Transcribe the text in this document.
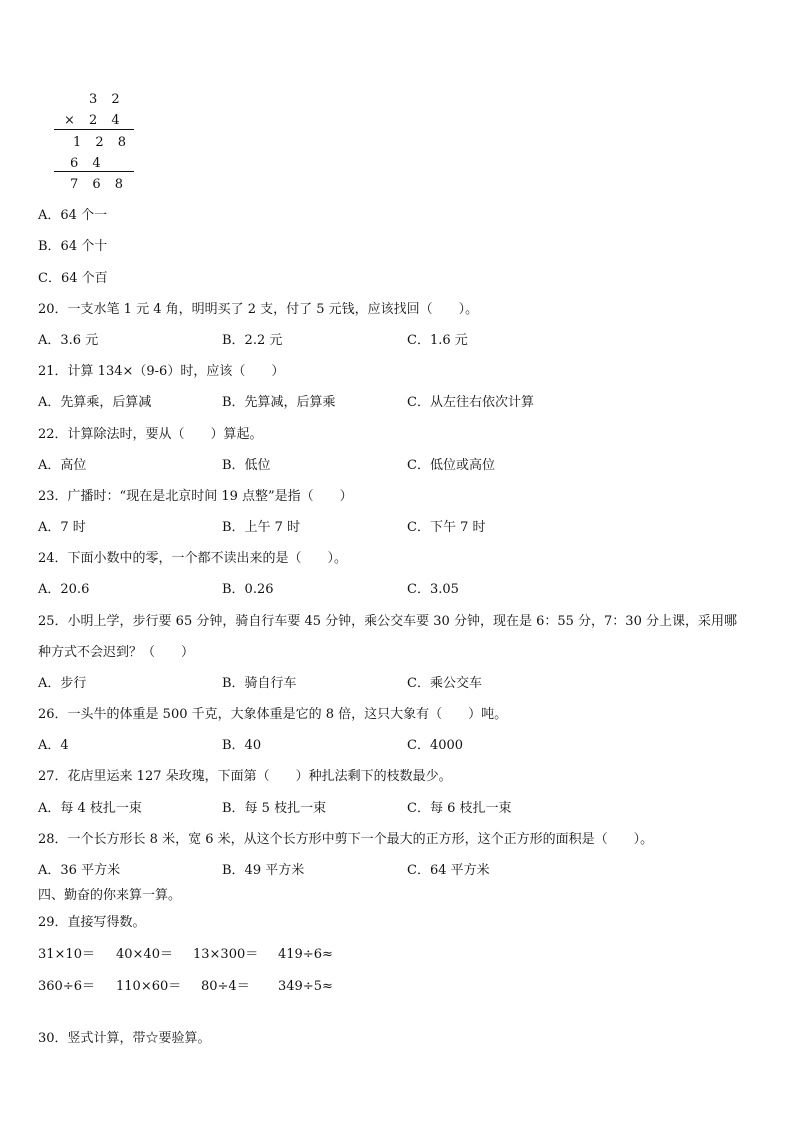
3 2
× 2 4
1 2 8
6 4
7 6 8
A．64 个一
B．64 个十
C．64 个百
20．一支水笔 1 元 4 角，明明买了 2 支，付了 5 元钱，应该找回（　　）。
A．3.6 元	B．2.2 元	C．1.6 元
21．计算 134×（9-6）时，应该（　　）
A．先算乘，后算减	B．先算减，后算乘	C．从左往右依次计算
22．计算除法时，要从（　　）算起。
A．高位	B．低位	C．低位或高位
23．广播时：“现在是北京时间 19 点整”是指（　　）
A．7 时	B．上午 7 时	C．下午 7 时
24．下面小数中的零，一个都不读出来的是（　　）。
A．20.6	B．0.26	C．3.05
25．小明上学，步行要 65 分钟，骑自行车要 45 分钟，乘公交车要 30 分钟，现在是 6：55 分，7：30 分上课，采用哪
种方式不会迟到？（　　）
A．步行	B．骑自行车	C．乘公交车
26．一头牛的体重是 500 千克，大象体重是它的 8 倍，这只大象有（　　）吨。
A．4	B．40	C．4000
27．花店里运来 127 朵玫瑰，下面第（　　）种扎法剩下的枝数最少。
A．每 4 枝扎一束	B．每 5 枝扎一束	C．每 6 枝扎一束
28．一个长方形长 8 米，宽 6 米，从这个长方形中剪下一个最大的正方形，这个正方形的面积是（　　）。
A．36 平方米	B．49 平方米	C．64 平方米
四、勤奋的你来算一算。
29．直接写得数。
31×10＝ 40×40＝ 13×300＝ 419÷6≈
360÷6＝ 110×60＝ 80÷4＝ 349÷5≈
30．竖式计算，带☆要验算。
